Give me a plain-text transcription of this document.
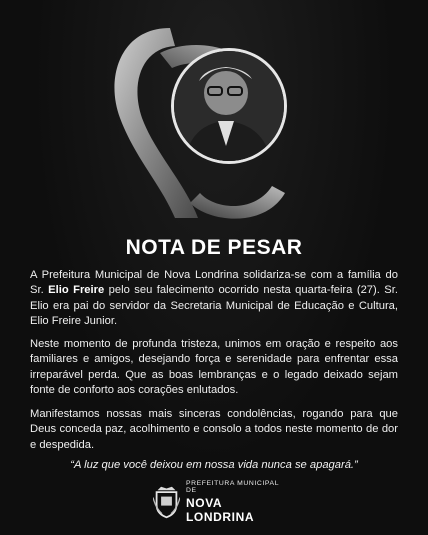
NOTA DE PESAR
A Prefeitura Municipal de Nova Londrina solidariza-se com a família do Sr. Elio Freire pelo seu falecimento ocorrido nesta quarta-feira (27). Sr. Elio era pai do servidor da Secretaria Municipal de Educação e Cultura, Elio Freire Junior.
Neste momento de profunda tristeza, unimos em oração e respeito aos familiares e amigos, desejando força e serenidade para enfrentar essa irreparável perda. Que as boas lembranças e o legado deixado sejam fonte de conforto aos corações enlutados.
Manifestamos nossas mais sinceras condolências, rogando para que Deus conceda paz, acolhimento e consolo a todos neste momento de dor e despedida.
“A luz que você deixou em nossa vida nunca se apagará.”
PREFEITURA MUNICIPAL DE
NOVA LONDRINA
